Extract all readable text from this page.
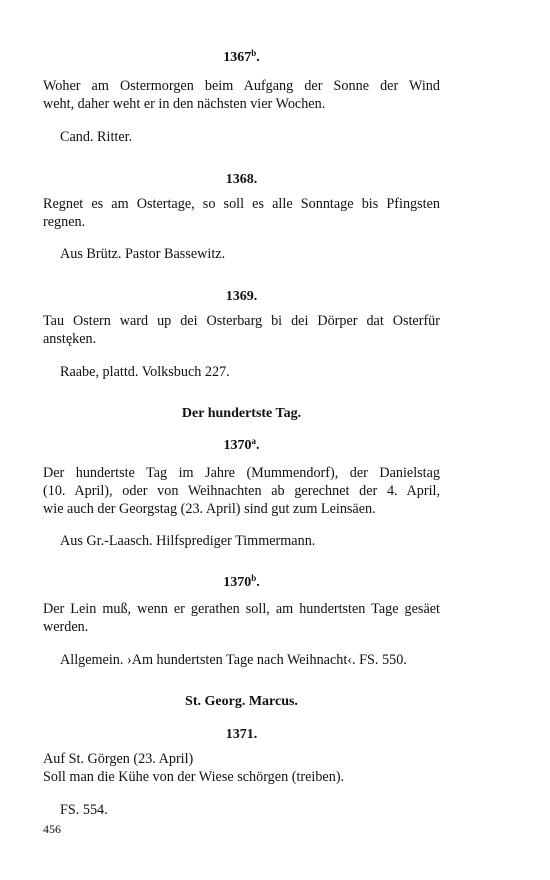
1367$^b$.

Woher am Ostermorgen beim Aufgang der Sonne der Wind
weht, daher weht er in den nächsten vier Wochen.

Cand. Ritter.
1368.

Regnet es am Ostertage, so soll es alle Sonntage bis Pfingsten
regnen.

Aus Brütz. Pastor Bassewitz.
1369.

Tau Ostern ward up dei Osterbarg bi dei Dörper dat Osterfür
anstęken.

Raabe, plattd. Volksbuch 227.
Der hundertste Tag.
1370$^a$.

Der hundertste Tag im Jahre (Mummendorf), der Danielstag
(10. April), oder von Weihnachten ab gerechnet der 4. April,
wie auch der Georgstag (23. April) sind gut zum Leinsäen.

Aus Gr.-Laasch. Hilfsprediger Timmermann.
1370$^b$.

Der Lein muß, wenn er gerathen soll, am hundertsten Tage gesäet
werden.

Allgemein. ›Am hundertsten Tage nach Weihnacht‹. FS. 550.
St. Georg. Marcus.
1371.

Auf St. Görgen (23. April)
Soll man die Kühe von der Wiese schörgen (treiben).

FS. 554.
456
